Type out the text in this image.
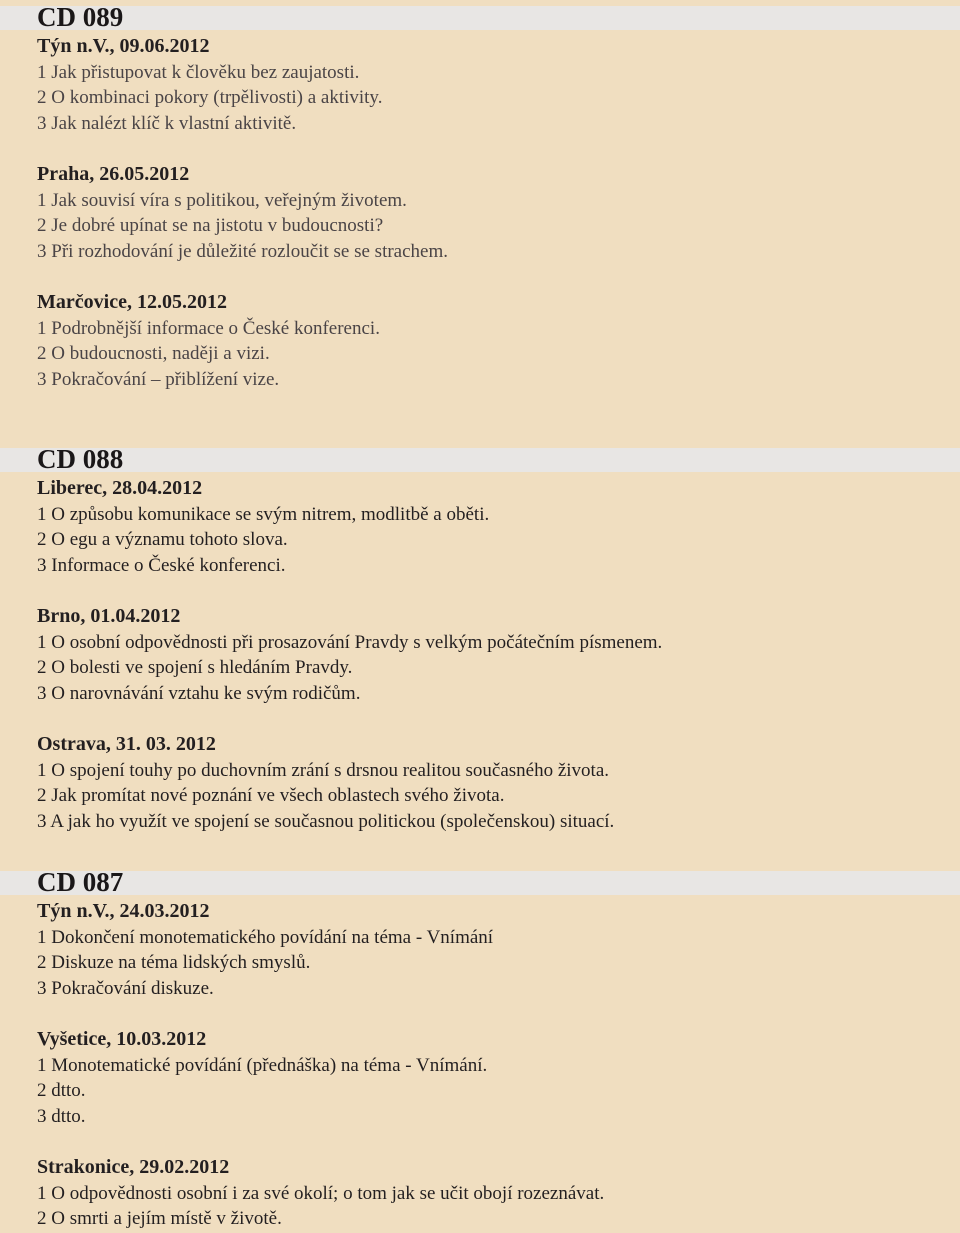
CD 089
Týn n.V., 09.06.2012
1 Jak přistupovat k člověku bez zaujatosti.
2 O kombinaci pokory (trpělivosti) a aktivity.
3 Jak nalézt klíč k vlastní aktivitě.
Praha, 26.05.2012
1 Jak souvisí víra s politikou, veřejným životem.
2 Je dobré upínat se na jistotu v budoucnosti?
3 Při rozhodování je důležité rozloučit se se strachem.
Marčovice, 12.05.2012
1 Podrobnější informace o České konferenci.
2 O budoucnosti, naději a vizi.
3 Pokračování – přiblížení vize.
CD 088
Liberec, 28.04.2012
1 O způsobu komunikace se svým nitrem, modlitbě a oběti.
2 O egu a významu tohoto slova.
3 Informace o České konferenci.
Brno, 01.04.2012
1 O osobní odpovědnosti při prosazování Pravdy s velkým počátečním písmenem.
2 O bolesti ve spojení s hledáním Pravdy.
3 O narovnávání vztahu ke svým rodičům.
Ostrava, 31. 03. 2012
1 O spojení touhy po duchovním zrání s drsnou realitou současného života.
2 Jak promítat nové poznání ve všech oblastech svého života.
3 A jak ho využít ve spojení se současnou politickou (společenskou) situací.
CD 087
Týn n.V., 24.03.2012
1 Dokončení monotematického povídání na téma - Vnímání
2 Diskuze na téma lidských smyslů.
3 Pokračování diskuze.
Vyšetice, 10.03.2012
1 Monotematické povídání (přednáška) na téma - Vnímání.
2 dtto.
3 dtto.
Strakonice, 29.02.2012
1 O odpovědnosti osobní i za své okolí; o tom jak se učit obojí rozeznávat.
2 O smrti a jejím místě v životě.
